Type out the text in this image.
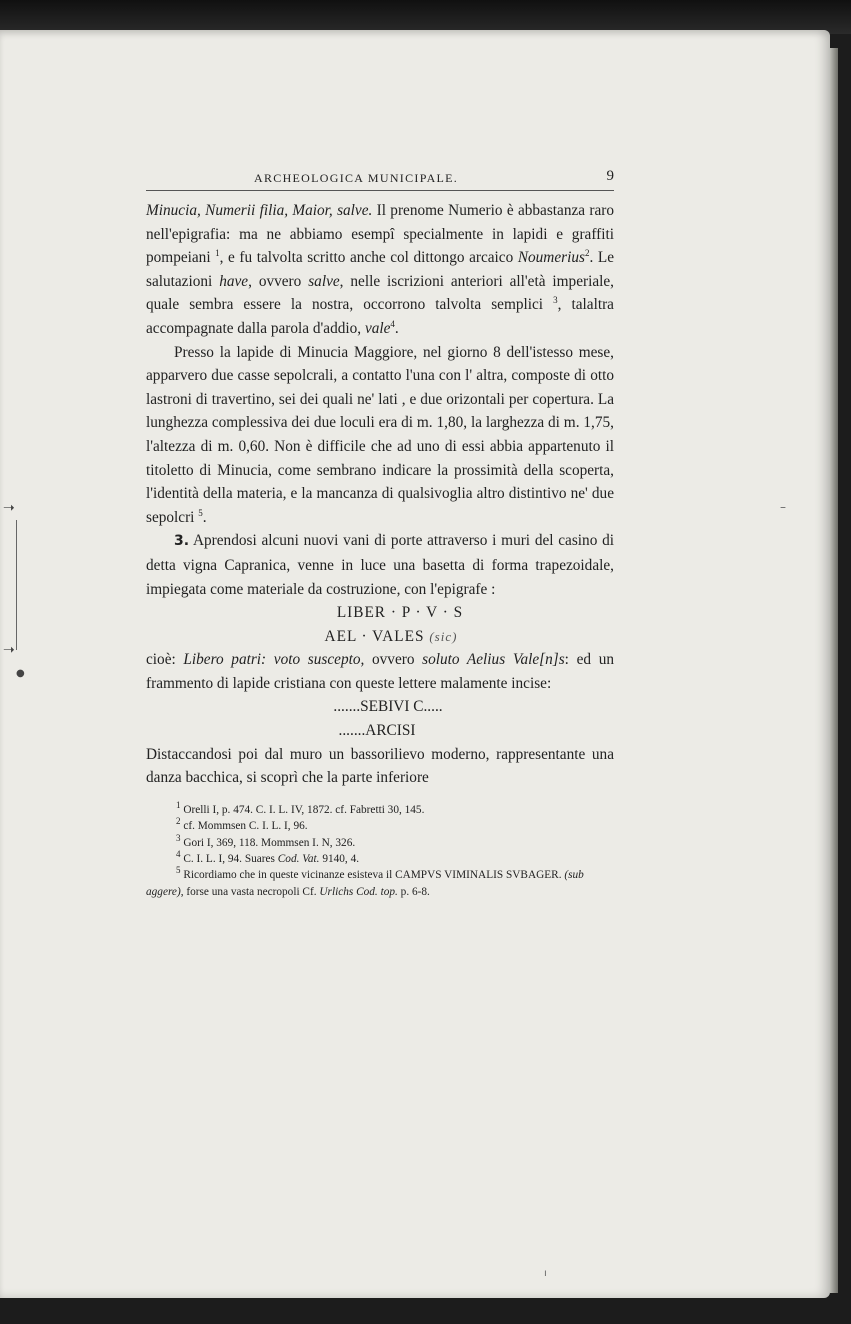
➝
➝
●
–
ı
ARCHEOLOGICA MUNICIPALE.	9

Minucia, Numerii filia, Maior, salve. Il prenome Numerio è abbastanza raro nell'epigrafia: ma ne abbiamo esempî specialmente in lapidi e graffiti pompeiani $^1$, e fu talvolta scritto anche col dittongo arcaico Noumerius$^2$. Le salutazioni have, ovvero salve, nelle iscrizioni anteriori all'età imperiale, quale sembra essere la nostra, occorrono talvolta semplici $^3$, talaltra accompagnate dalla parola d'addio, vale$^4$.

Presso la lapide di Minucia Maggiore, nel giorno 8 dell'istesso mese, apparvero due casse sepolcrali, a contatto l'una con l' altra, composte di otto lastroni di travertino, sei dei quali ne' lati , e due orizontali per copertura. La lunghezza complessiva dei due loculi era di m. 1,80, la larghezza di m. 1,75, l'altezza di m. 0,60. Non è difficile che ad uno di essi abbia appartenuto il titoletto di Minucia, come sembrano indicare la prossimità della scoperta, l'identità della materia, e la mancanza di qualsivoglia altro distintivo ne' due sepolcri $^5$.

3. Aprendosi alcuni nuovi vani di porte attraverso i muri del casino di detta vigna Capranica, venne in luce una basetta di forma trapezoidale, impiegata come materiale da costruzione, con l'epigrafe :

LIBER · P · V · S

AEL · VALES (sic)

cioè: Libero patri: voto suscepto, ovvero soluto Aelius Vale[n]s: ed un frammento di lapide cristiana con queste lettere malamente incise:

.......SEBIVI C.....

.......ARCISI

Distaccandosi poi dal muro un bassorilievo moderno, rappresentante una danza bacchica, si scoprì che la parte inferiore

$^1$ Orelli I, p. 474. C. I. L. IV, 1872. cf. Fabretti 30, 145.
$^2$ cf. Mommsen C. I. L. I, 96.
$^3$ Gori I, 369, 118. Mommsen I. N, 326.
$^4$ C. I. L. I, 94. Suares Cod. Vat. 9140, 4.
$^5$ Ricordiamo che in queste vicinanze esisteva il CAMPVS VIMINALIS SVBAGER. (sub aggere), forse una vasta necropoli Cf. Urlichs Cod. top. p. 6-8.
